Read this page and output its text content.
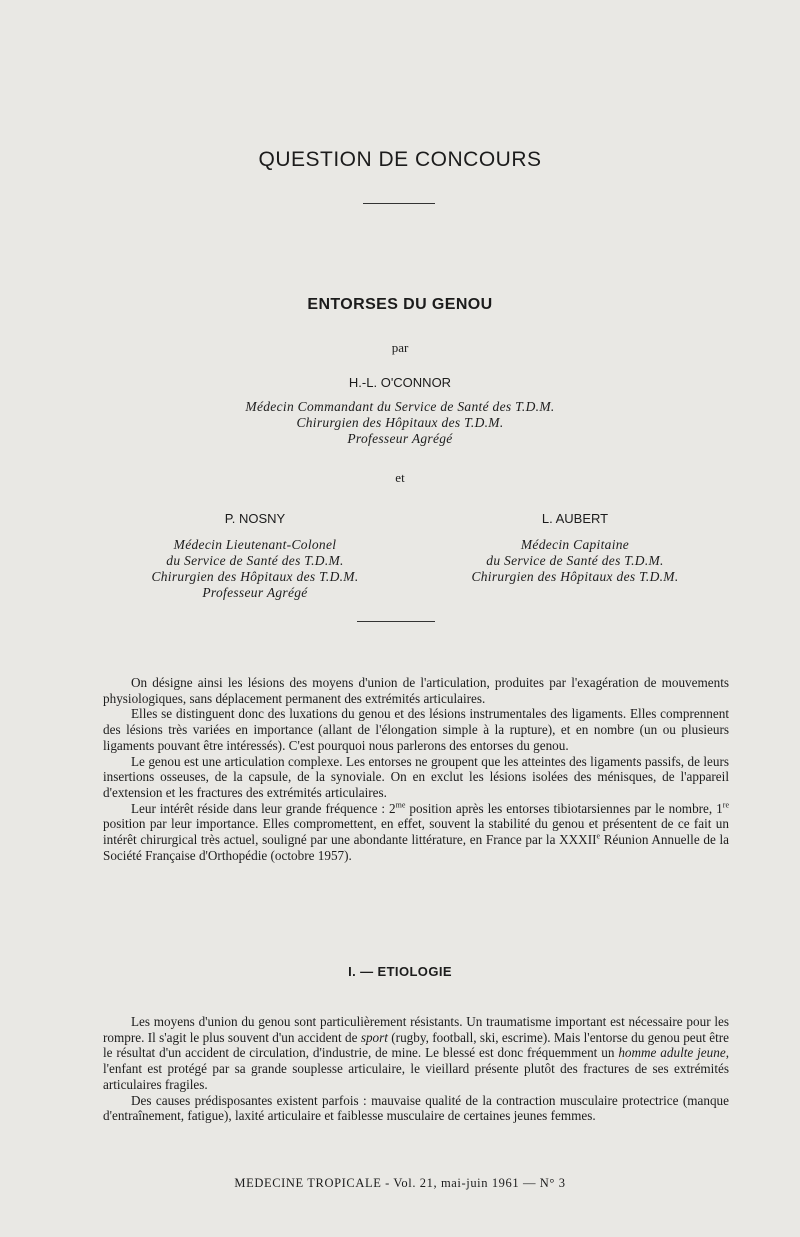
QUESTION DE CONCOURS
ENTORSES DU GENOU
par
H.-L. O'CONNOR
Médecin Commandant du Service de Santé des T.D.M.
Chirurgien des Hôpitaux des T.D.M.
Professeur Agrégé
et
P. NOSNY
Médecin Lieutenant-Colonel
du Service de Santé des T.D.M.
Chirurgien des Hôpitaux des T.D.M.
Professeur Agrégé
L. AUBERT
Médecin Capitaine
du Service de Santé des T.D.M.
Chirurgien des Hôpitaux des T.D.M.

On désigne ainsi les lésions des moyens d'union de l'articulation, produites par l'exagération de mouvements physiologiques, sans déplacement permanent des extrémités articulaires.

Elles se distinguent donc des luxations du genou et des lésions instrumentales des ligaments. Elles comprennent des lésions très variées en importance (allant de l'élongation simple à la rupture), et en nombre (un ou plusieurs ligaments pouvant être intéressés). C'est pourquoi nous parlerons des entorses du genou.

Le genou est une articulation complexe. Les entorses ne groupent que les atteintes des ligaments passifs, de leurs insertions osseuses, de la capsule, de la synoviale. On en exclut les lésions isolées des ménisques, de l'appareil d'extension et les fractures des extrémités articulaires.

Leur intérêt réside dans leur grande fréquence : $2^{me}$ position après les entorses tibiotarsiennes par le nombre, 1re position par leur importance. Elles compromettent, en effet, souvent la stabilité du genou et présentent de ce fait un intérêt chirurgical très actuel, souligné par une abondante littérature, en France par la XXXIIe Réunion Annuelle de la Société Française d'Orthopédie (octobre 1957).

I. — ETIOLOGIE

Les moyens d'union du genou sont particulièrement résistants. Un traumatisme important est nécessaire pour les rompre. Il s'agit le plus souvent d'un accident de sport (rugby, football, ski, escrime). Mais l'entorse du genou peut être le résultat d'un accident de circulation, d'industrie, de mine. Le blessé est donc fréquemment un homme adulte jeune, l'enfant est protégé par sa grande souplesse articulaire, le vieillard présente plutôt des fractures de ses extrémités articulaires fragiles.

Des causes prédisposantes existent parfois : mauvaise qualité de la contraction musculaire protectrice (manque d'entraînement, fatigue), laxité articulaire et faiblesse musculaire de certaines jeunes femmes.

MEDECINE TROPICALE - Vol. 21, mai-juin 1961 — N° 3
